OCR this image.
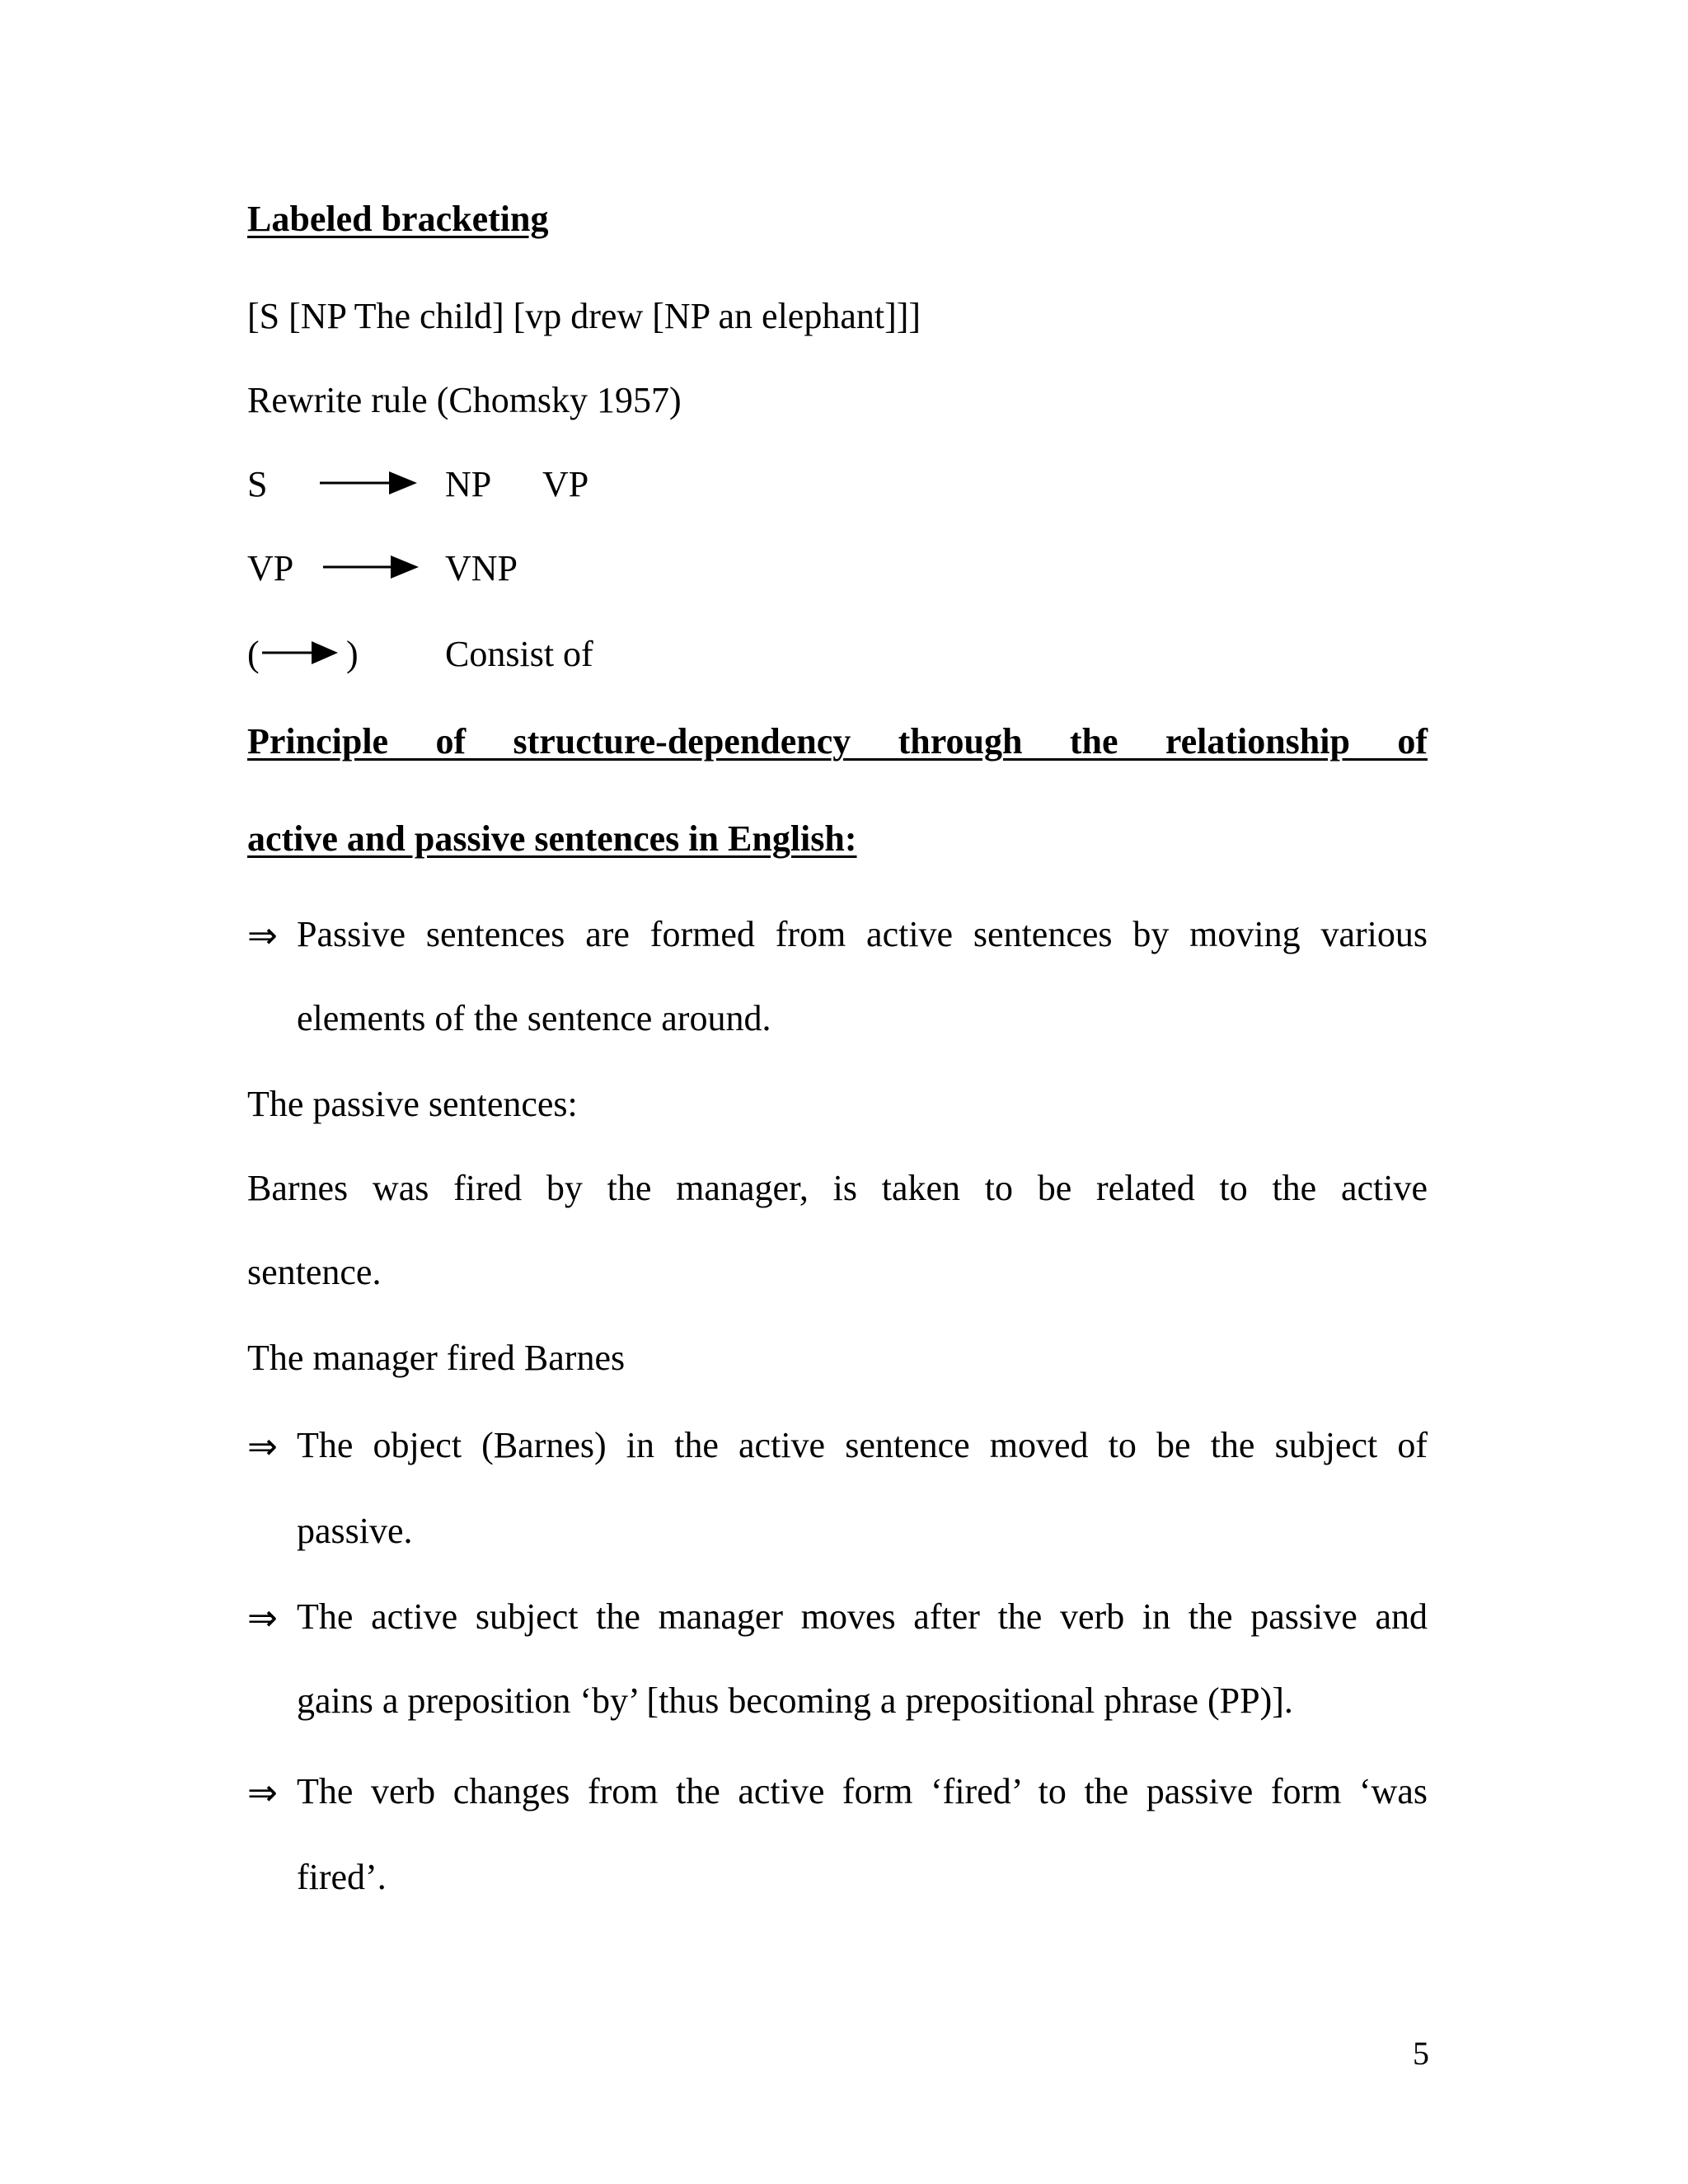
Labeled bracketing
[S [NP The child] [vp drew [NP an elephant]]]
Rewrite rule (Chomsky 1957)
S	NP VP
VP	VNP
( ) Consist of
Principle of structure-dependency through the relationship of
active and passive sentences in English:
⇒ Passive sentences are formed from active sentences by moving various
elements of the sentence around.
The passive sentences:
Barnes was fired by the manager, is taken to be related to the active
sentence.
The manager fired Barnes
⇒ The object (Barnes) in the active sentence moved to be the subject of
passive.
⇒ The active subject the manager moves after the verb in the passive and
gains a preposition ‘by’ [thus becoming a prepositional phrase (PP)].
⇒ The verb changes from the active form ‘fired’ to the passive form ‘was
fired’.
5
